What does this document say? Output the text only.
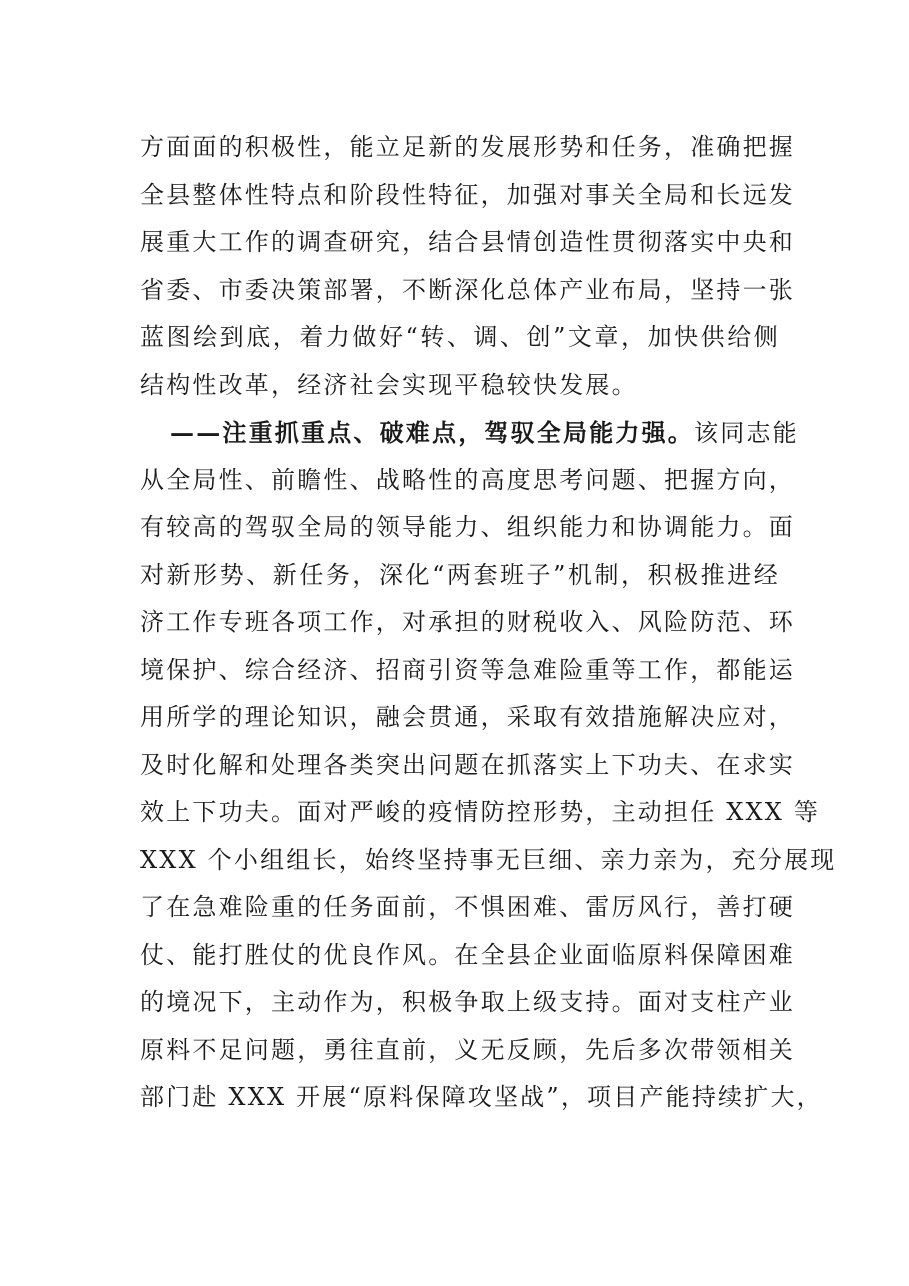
方面面的积极性，能立足新的发展形势和任务，准确把握
全县整体性特点和阶段性特征，加强对事关全局和长远发
展重大工作的调查研究，结合县情创造性贯彻落实中央和
省委、市委决策部署，不断深化总体产业布局，坚持一张
蓝图绘到底，着力做好“转、调、创”文章，加快供给侧
结构性改革，经济社会实现平稳较快发展。
——注重抓重点、破难点，驾驭全局能力强。该同志能
从全局性、前瞻性、战略性的高度思考问题、把握方向，
有较高的驾驭全局的领导能力、组织能力和协调能力。面
对新形势、新任务，深化“两套班子”机制，积极推进经
济工作专班各项工作，对承担的财税收入、风险防范、环
境保护、综合经济、招商引资等急难险重等工作，都能运
用所学的理论知识，融会贯通，采取有效措施解决应对，
及时化解和处理各类突出问题在抓落实上下功夫、在求实
效上下功夫。面对严峻的疫情防控形势，主动担任 XXX 等
XXX 个小组组长，始终坚持事无巨细、亲力亲为，充分展现
了在急难险重的任务面前，不惧困难、雷厉风行，善打硬
仗、能打胜仗的优良作风。在全县企业面临原料保障困难
的境况下，主动作为，积极争取上级支持。面对支柱产业
原料不足问题，勇往直前，义无反顾，先后多次带领相关
部门赴 XXX 开展“原料保障攻坚战”，项目产能持续扩大，
